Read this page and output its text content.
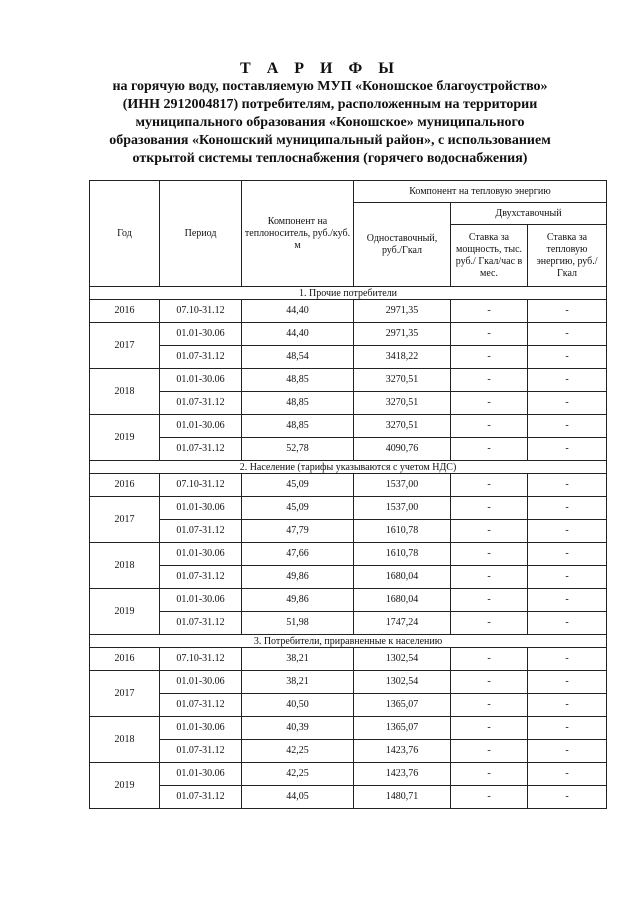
Т А Р И Ф Ы
на горячую воду, поставляемую МУП «Коношское благоустройство»
(ИНН 2912004817) потребителям, расположенным на территории
муниципального образования «Коношское» муниципального
образования «Коношский муниципальный район», с использованием
открытой системы теплоснабжения (горячего водоснабжения)
Год	Период	Компонент на теплоноситель, руб./куб. м	Компонент на тепловую энергию		
			Одноставочный, руб./Гкал	Двухставочный	
				Ставка за мощность, тыс. руб./ Гкал/час в мес.	Ставка за тепловую энергию, руб./Гкал
1. Прочие потребители					
2016	07.10-31.12	44,40	2971,35	-	-
2017	01.01-30.06	44,40	2971,35	-	-
	01.07-31.12	48,54	3418,22	-	-
2018	01.01-30.06	48,85	3270,51	-	-
	01.07-31.12	48,85	3270,51	-	-
2019	01.01-30.06	48,85	3270,51	-	-
	01.07-31.12	52,78	4090,76	-	-
2. Население (тарифы указываются с учетом НДС)					
2016	07.10-31.12	45,09	1537,00	-	-
2017	01.01-30.06	45,09	1537,00	-	-
	01.07-31.12	47,79	1610,78	-	-
2018	01.01-30.06	47,66	1610,78	-	-
	01.07-31.12	49,86	1680,04	-	-
2019	01.01-30.06	49,86	1680,04	-	-
	01.07-31.12	51,98	1747,24	-	-
3. Потребители, приравненные к населению					
2016	07.10-31.12	38,21	1302,54	-	-
2017	01.01-30.06	38,21	1302,54	-	-
	01.07-31.12	40,50	1365,07	-	-
2018	01.01-30.06	40,39	1365,07	-	-
	01.07-31.12	42,25	1423,76	-	-
2019	01.01-30.06	42,25	1423,76	-	-
	01.07-31.12	44,05	1480,71	-	-
